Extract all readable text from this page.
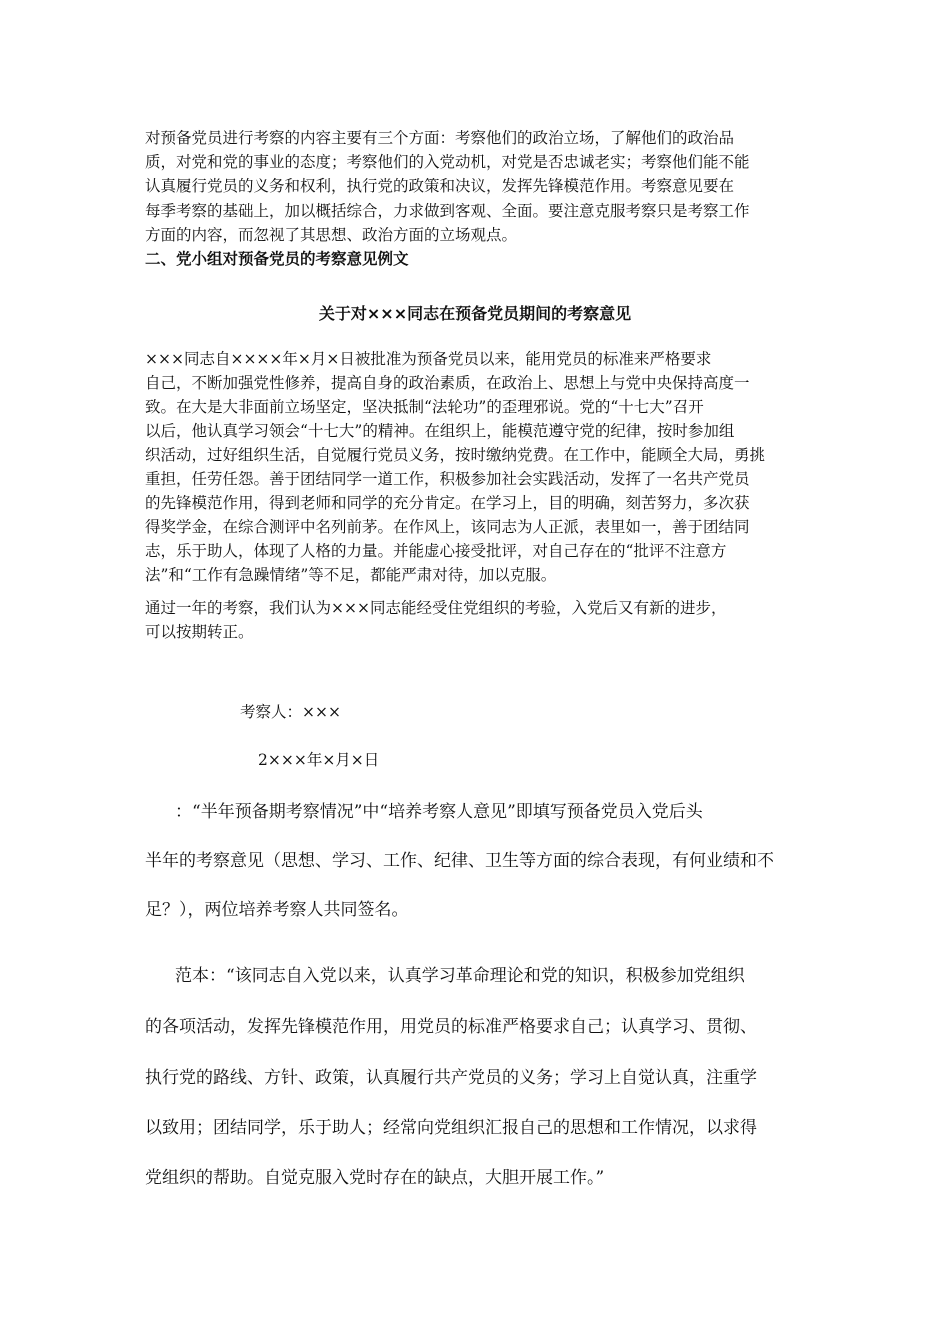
对预备党员进行考察的内容主要有三个方面：考察他们的政治立场，了解他们的政治品
质，对党和党的事业的态度；考察他们的入党动机，对党是否忠诚老实；考察他们能不能
认真履行党员的义务和权利，执行党的政策和决议，发挥先锋模范作用。考察意见要在
每季考察的基础上，加以概括综合，力求做到客观、全面。要注意克服考察只是考察工作
方面的内容，而忽视了其思想、政治方面的立场观点。
二、党小组对预备党员的考察意见例文
关于对×××同志在预备党员期间的考察意见
×××同志自××××年×月×日被批准为预备党员以来，能用党员的标准来严格要求
自己，不断加强党性修养，提高自身的政治素质，在政治上、思想上与党中央保持高度一
致。在大是大非面前立场坚定，坚决抵制“法轮功”的歪理邪说。党的“十七大”召开
以后，他认真学习领会“十七大”的精神。在组织上，能模范遵守党的纪律，按时参加组
织活动，过好组织生活，自觉履行党员义务，按时缴纳党费。在工作中，能顾全大局，勇挑
重担，任劳任怨。善于团结同学一道工作，积极参加社会实践活动，发挥了一名共产党员
的先锋模范作用，得到老师和同学的充分肯定。在学习上，目的明确，刻苦努力，多次获
得奖学金，在综合测评中名列前茅。在作风上，该同志为人正派，表里如一，善于团结同
志，乐于助人，体现了人格的力量。并能虚心接受批评，对自己存在的“批评不注意方
法”和“工作有急躁情绪”等不足，都能严肃对待，加以克服。
通过一年的考察，我们认为×××同志能经受住党组织的考验，入党后又有新的进步，
可以按期转正。
考察人：×××
2×××年×月×日
：“半年预备期考察情况”中“培养考察人意见”即填写预备党员入党后头
半年的考察意见（思想、学习、工作、纪律、卫生等方面的综合表现，有何业绩和不
足？），两位培养考察人共同签名。
范本：“该同志自入党以来，认真学习革命理论和党的知识，积极参加党组织
的各项活动，发挥先锋模范作用，用党员的标准严格要求自己；认真学习、贯彻、
执行党的路线、方针、政策，认真履行共产党员的义务；学习上自觉认真，注重学
以致用；团结同学，乐于助人；经常向党组织汇报自己的思想和工作情况，以求得
党组织的帮助。自觉克服入党时存在的缺点，大胆开展工作。”
